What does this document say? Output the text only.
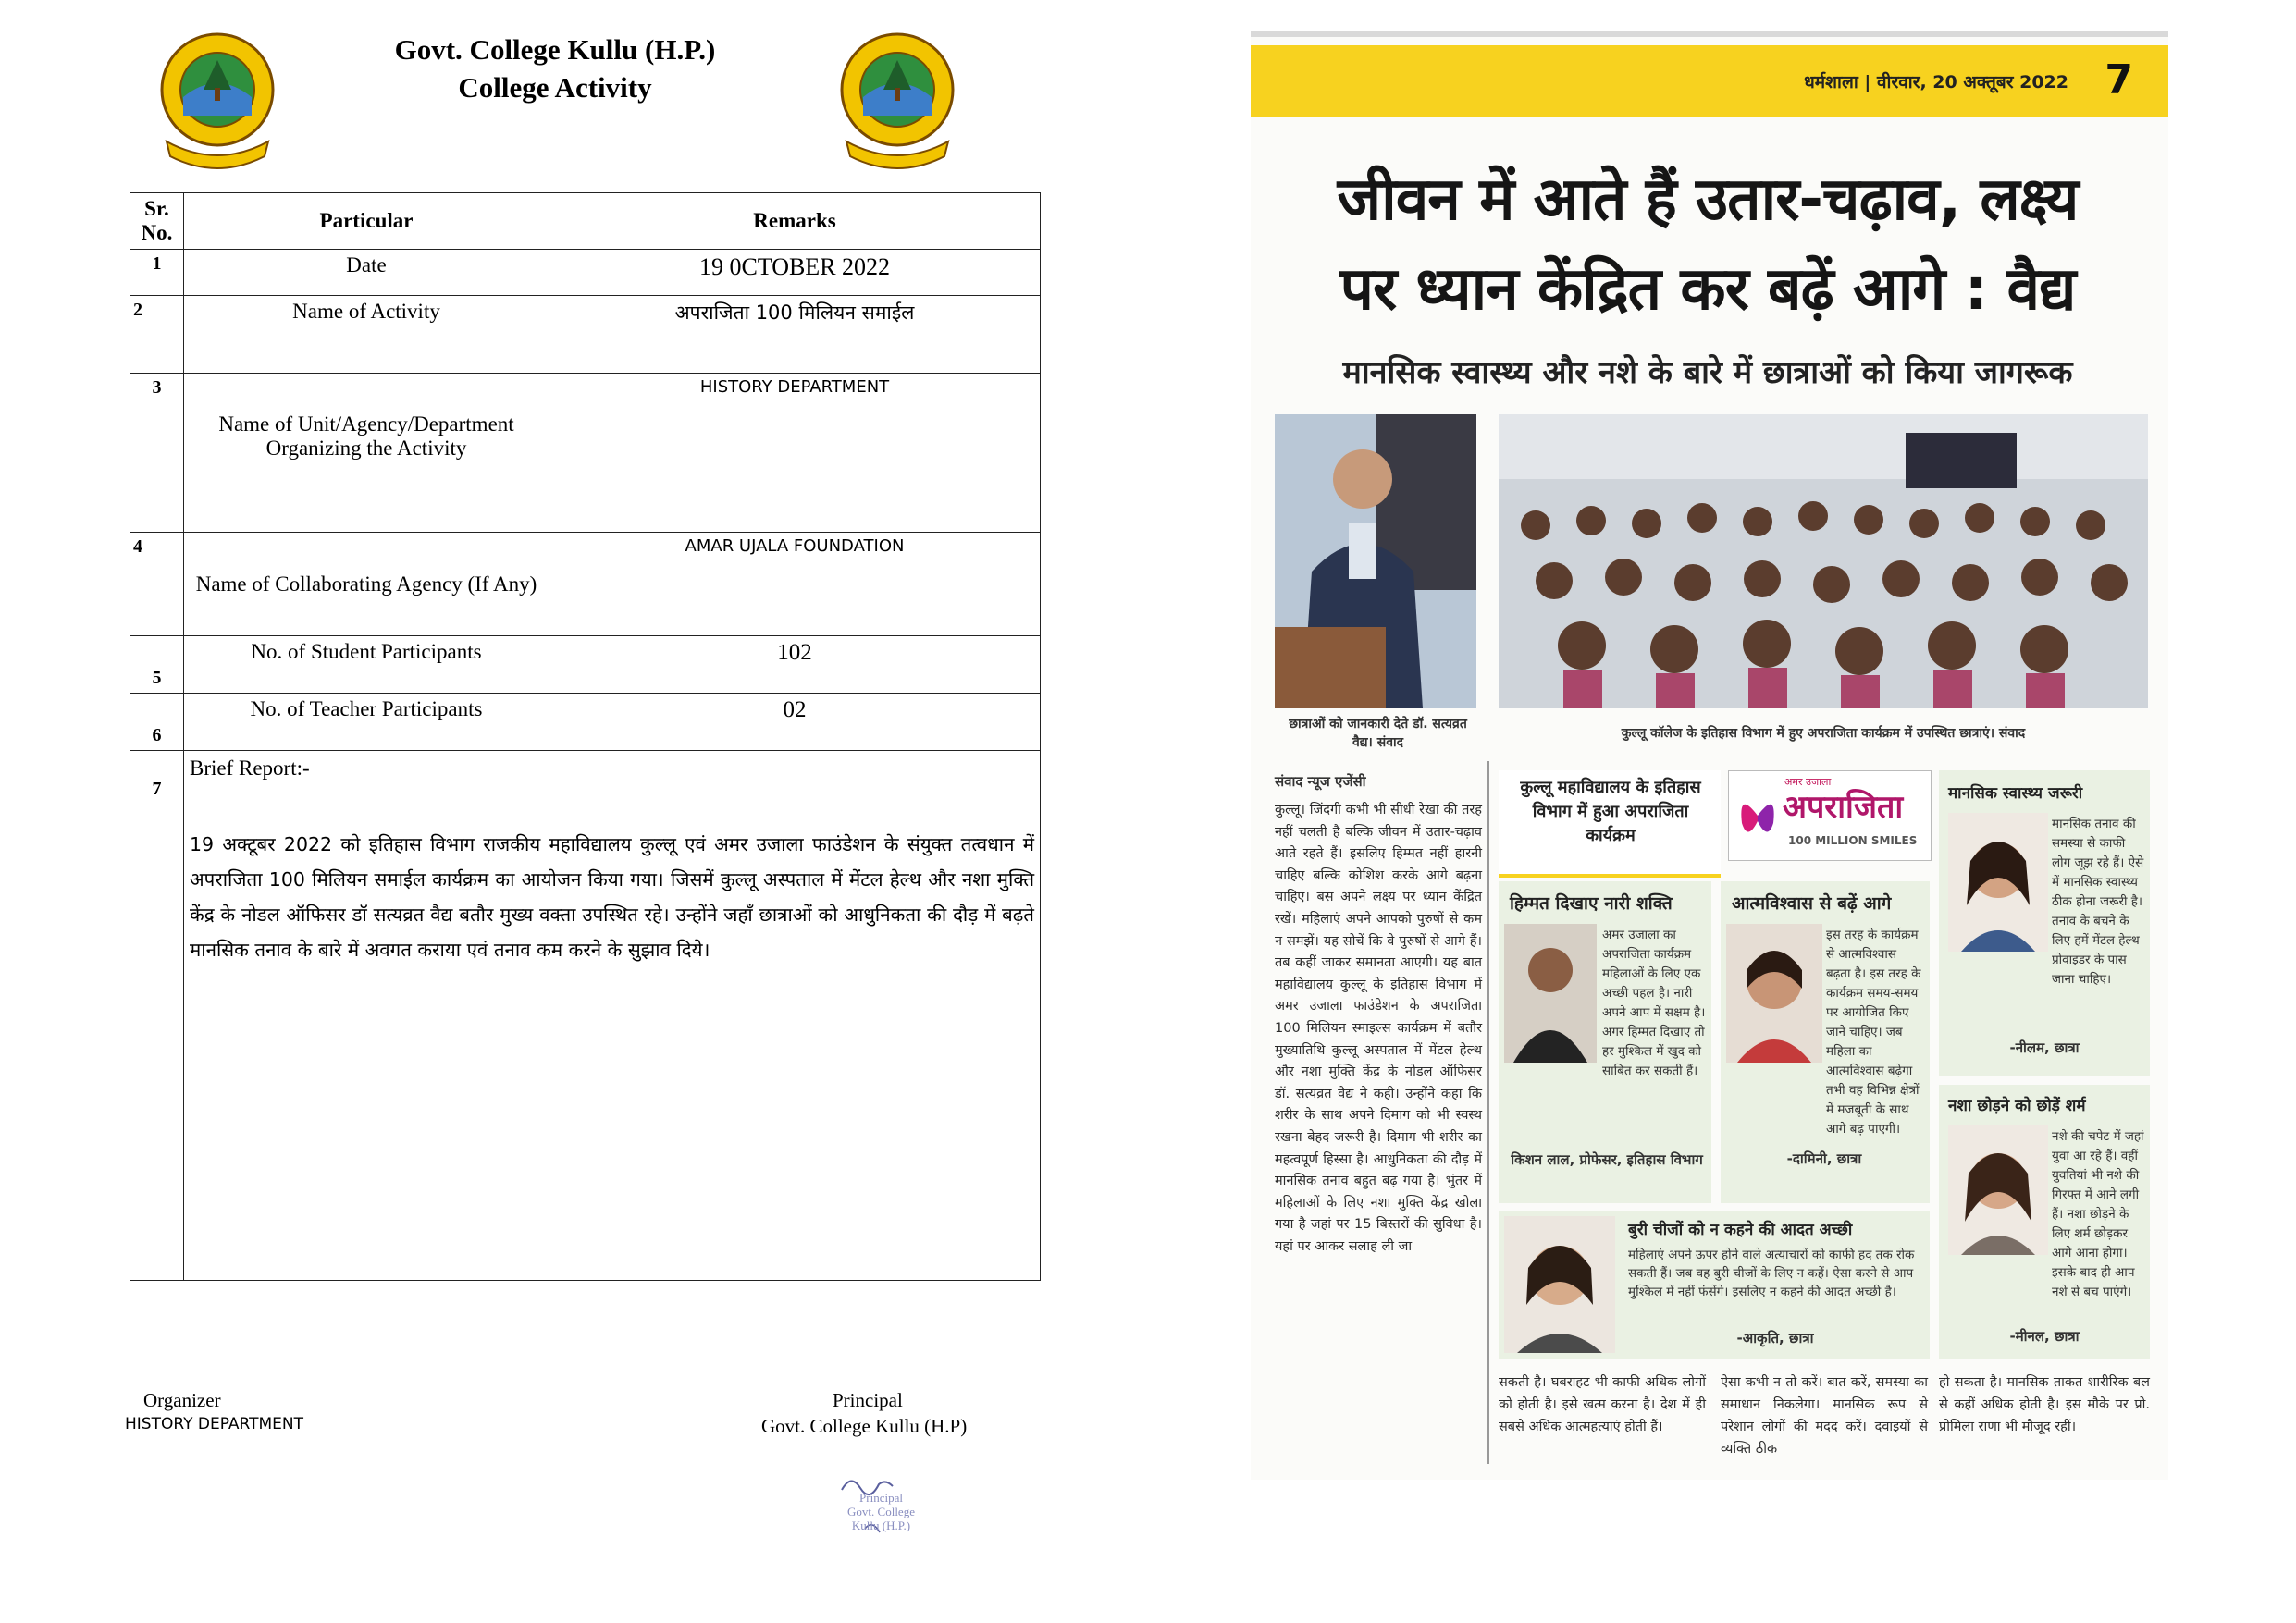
Govt. College Kullu (H.P.)
College Activity
Sr. No.	Particular	Remarks
1	Date	19 0CTOBER 2022
2	Name of Activity	अपराजिता 100 मिलियन समाईल
3	Name of Unit/Agency/Department Organizing the Activity	HISTORY DEPARTMENT
4	Name of Collaborating Agency (If Any)	AMAR UJALA FOUNDATION
5	No. of Student Participants	102
6	No. of Teacher Participants	02
7	Brief Report:-
19 अक्टूबर 2022 को इतिहास विभाग राजकीय महाविद्यालय कुल्लू एवं अमर उजाला फाउंडेशन के संयुक्त तत्वधान में अपराजिता 100 मिलियन समाईल कार्यक्रम का आयोजन किया गया। जिसमें कुल्लू अस्पताल में मेंटल हेल्थ और नशा मुक्ति केंद्र के नोडल ऑफिसर डॉ सत्यव्रत वैद्य बतौर मुख्य वक्ता उपस्थित रहे। उन्होंने जहाँ छात्राओं को आधुनिकता की दौड़ में बढ़ते मानसिक तनाव के बारे में अवगत कराया एवं तनाव कम करने के सुझाव दिये।	
Organizer
HISTORY DEPARTMENT
Principal
Govt. College Kullu (H.P)
Principal
Govt. College
Kullu (H.P.)
धर्मशाला | वीरवार, 20 अक्तूबर 2022 7
जीवन में आते हैं उतार-चढ़ाव, लक्ष्य
पर ध्यान केंद्रित कर बढ़ें आगे : वैद्य
मानसिक स्वास्थ्य और नशे के बारे में छात्राओं को किया जागरूक
छात्राओं को जानकारी देते डॉ. सत्यव्रत वैद्य। संवाद
कुल्लू कॉलेज के इतिहास विभाग में हुए अपराजिता कार्यक्रम में उपस्थित छात्राएं। संवाद
संवाद न्यूज एजेंसी
कुल्लू। जिंदगी कभी भी सीधी रेखा की तरह नहीं चलती है बल्कि जीवन में उतार-चढ़ाव आते रहते हैं। इसलिए हिम्मत नहीं हारनी चाहिए बल्कि कोशिश करके आगे बढ़ना चाहिए। बस अपने लक्ष्य पर ध्यान केंद्रित रखें। महिलाएं अपने आपको पुरुषों से कम न समझें। यह सोचें कि वे पुरुषों से आगे हैं। तब कहीं जाकर समानता आएगी। यह बात महाविद्यालय कुल्लू के इतिहास विभाग में अमर उजाला फाउंडेशन के अपराजिता 100 मिलियन स्माइल्स कार्यक्रम में बतौर मुख्यातिथि कुल्लू अस्पताल में मेंटल हेल्थ और नशा मुक्ति केंद्र के नोडल ऑफिसर डॉ. सत्यव्रत वैद्य ने कही। उन्होंने कहा कि शरीर के साथ अपने दिमाग को भी स्वस्थ रखना बेहद जरूरी है। दिमाग भी शरीर का महत्वपूर्ण हिस्सा है। आधुनिकता की दौड़ में मानसिक तनाव बहुत बढ़ गया है। भुंतर में महिलाओं के लिए नशा मुक्ति केंद्र खोला गया है जहां पर 15 बिस्तरों की सुविधा है। यहां पर आकर सलाह ली जा
कुल्लू महाविद्यालय के इतिहास विभाग में हुआ अपराजिता कार्यक्रम
अमर उजाला
अपराजिता
100 MILLION SMILES
हिम्मत दिखाए नारी शक्ति
अमर उजाला का अपराजिता कार्यक्रम महिलाओं के लिए एक अच्छी पहल है। नारी अपने आप में सक्षम है। अगर हिम्मत दिखाए तो हर मुश्किल में खुद को साबित कर सकती हैं।
किशन लाल, प्रोफेसर, इतिहास विभाग
आत्मविश्वास से बढ़ें आगे
इस तरह के कार्यक्रम से आत्मविश्वास बढ़ता है। इस तरह के कार्यक्रम समय-समय पर आयोजित किए जाने चाहिए। जब महिला का आत्मविश्वास बढ़ेगा तभी वह विभिन्न क्षेत्रों में मजबूती के साथ आगे बढ़ पाएगी।
-दामिनी, छात्रा
मानसिक स्वास्थ्य जरूरी
मानसिक तनाव की समस्या से काफी लोग जूझ रहे हैं। ऐसे में मानसिक स्वास्थ्य ठीक होना जरूरी है। तनाव के बचने के लिए हमें मेंटल हेल्थ प्रोवाइडर के पास जाना चाहिए।
-नीलम, छात्रा
बुरी चीजों को न कहने की आदत अच्छी
महिलाएं अपने ऊपर होने वाले अत्याचारों को काफी हद तक रोक सकती हैं। जब वह बुरी चीजों के लिए न कहें। ऐसा करने से आप मुश्किल में नहीं फंसेंगे। इसलिए न कहने की आदत अच्छी है।
-आकृति, छात्रा
नशा छोड़ने को छोड़ें शर्म
नशे की चपेट में जहां युवा आ रहे हैं। वहीं युवतियां भी नशे की गिरफ्त में आने लगी हैं। नशा छोड़ने के लिए शर्म छोड़कर आगे आना होगा। इसके बाद ही आप नशे से बच पाएंगे।
-मीनल, छात्रा
सकती है। घबराहट भी काफी अधिक लोगों को होती है। इसे खत्म करना है। देश में ही सबसे अधिक आत्महत्याएं होती हैं।
ऐसा कभी न तो करें। बात करें, समस्या का समाधान निकलेगा। मानसिक रूप से परेशान लोगों की मदद करें। दवाइयों से व्यक्ति ठीक
हो सकता है। मानसिक ताकत शारीरिक बल से कहीं अधिक होती है। इस मौके पर प्रो. प्रोमिला राणा भी मौजूद रहीं।
